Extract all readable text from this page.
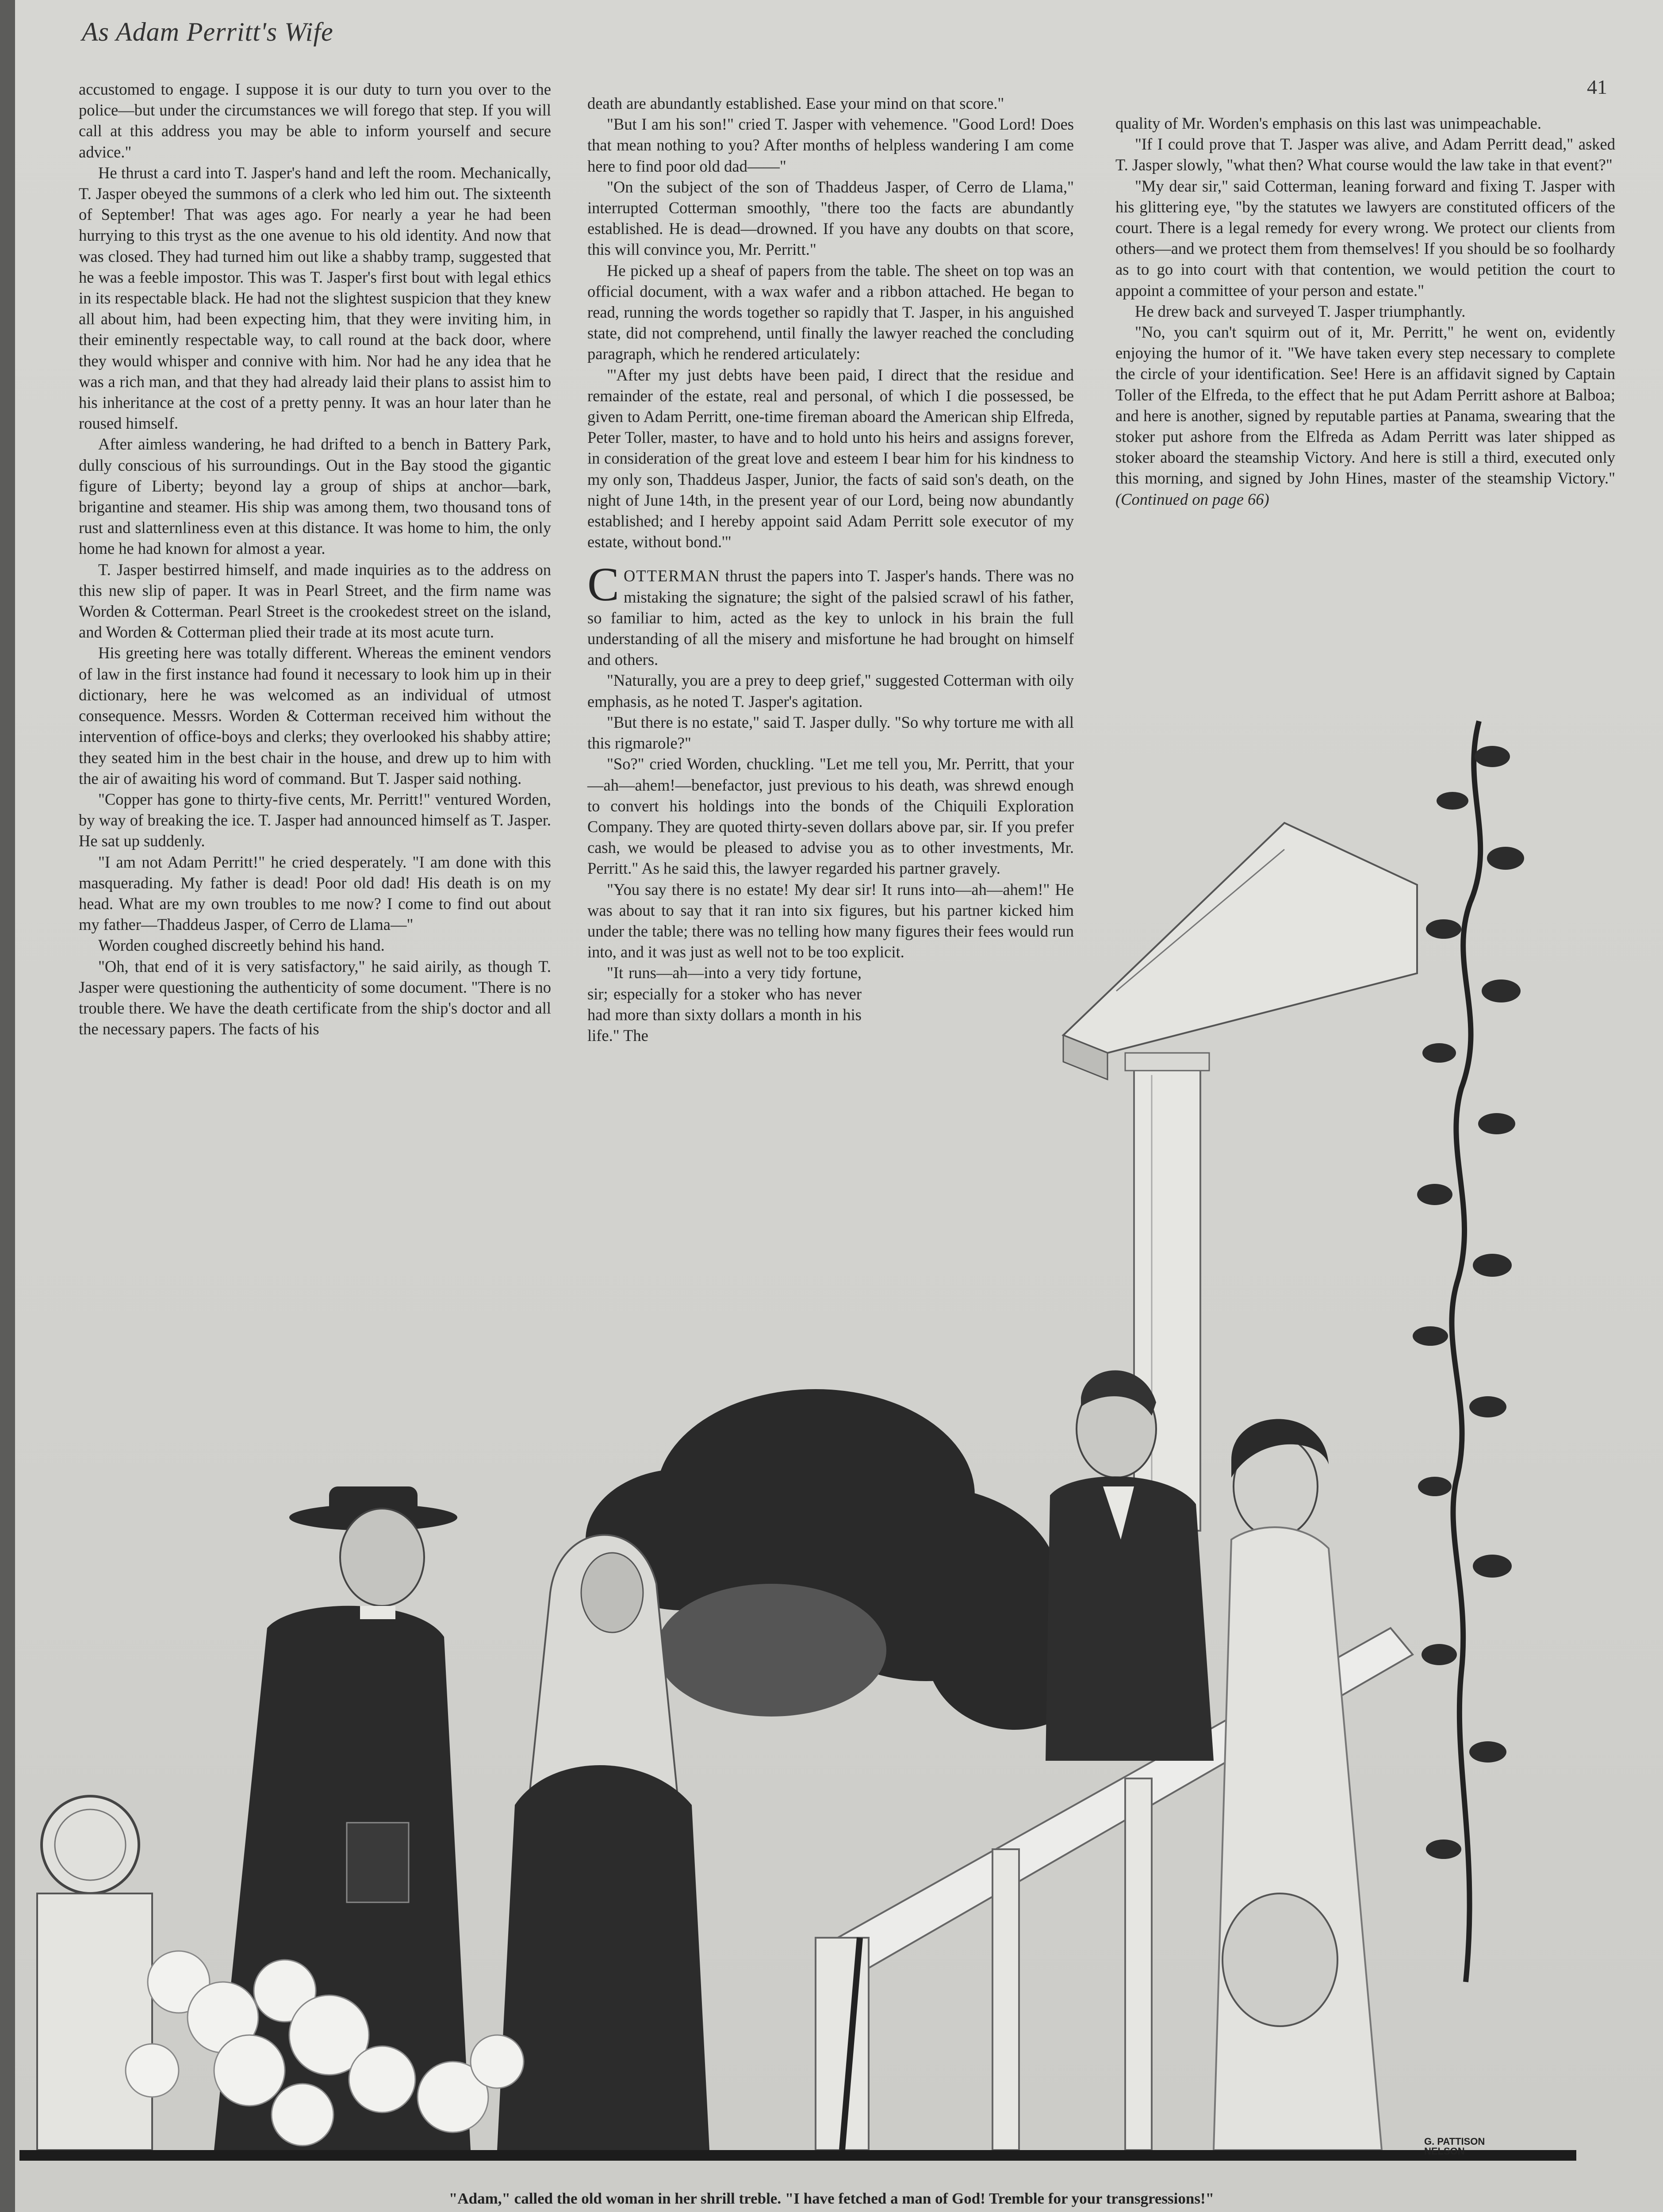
As Adam Perritt's Wife
41

accustomed to engage. I suppose it is our duty to turn you over to the police—but under the circumstances we will forego that step. If you will call at this address you may be able to inform yourself and secure advice."

He thrust a card into T. Jasper's hand and left the room. Mechanically, T. Jasper obeyed the summons of a clerk who led him out. The sixteenth of September! That was ages ago. For nearly a year he had been hurrying to this tryst as the one avenue to his old identity. And now that was closed. They had turned him out like a shabby tramp, suggested that he was a feeble impostor. This was T. Jasper's first bout with legal ethics in its respectable black. He had not the slightest suspicion that they knew all about him, had been expecting him, that they were inviting him, in their eminently respectable way, to call round at the back door, where they would whisper and connive with him. Nor had he any idea that he was a rich man, and that they had already laid their plans to assist him to his inheritance at the cost of a pretty penny. It was an hour later than he roused himself.

After aimless wandering, he had drifted to a bench in Battery Park, dully conscious of his surroundings. Out in the Bay stood the gigantic figure of Liberty; beyond lay a group of ships at anchor—bark, brigantine and steamer. His ship was among them, two thousand tons of rust and slatternliness even at this distance. It was home to him, the only home he had known for almost a year.

T. Jasper bestirred himself, and made inquiries as to the address on this new slip of paper. It was in Pearl Street, and the firm name was Worden & Cotterman. Pearl Street is the crookedest street on the island, and Worden & Cotterman plied their trade at its most acute turn.

His greeting here was totally different. Whereas the eminent vendors of law in the first instance had found it necessary to look him up in their dictionary, here he was welcomed as an individual of utmost consequence. Messrs. Worden & Cotterman received him without the intervention of office-boys and clerks; they overlooked his shabby attire; they seated him in the best chair in the house, and drew up to him with the air of awaiting his word of command. But T. Jasper said nothing.

"Copper has gone to thirty-five cents, Mr. Perritt!" ventured Worden, by way of breaking the ice. T. Jasper had announced himself as T. Jasper. He sat up suddenly.

"I am not Adam Perritt!" he cried desperately. "I am done with this masquerading. My father is dead! Poor old dad! His death is on my head. What are my own troubles to me now? I come to find out about my father—Thaddeus Jasper, of Cerro de Llama—"

Worden coughed discreetly behind his hand.

"Oh, that end of it is very satisfactory," he said airily, as though T. Jasper were questioning the authenticity of some document. "There is no trouble there. We have the death certificate from the ship's doctor and all the necessary papers. The facts of his

death are abundantly established. Ease your mind on that score."

"But I am his son!" cried T. Jasper with vehemence. "Good Lord! Does that mean nothing to you? After months of helpless wandering I am come here to find poor old dad——"

"On the subject of the son of Thaddeus Jasper, of Cerro de Llama," interrupted Cotterman smoothly, "there too the facts are abundantly established. He is dead—drowned. If you have any doubts on that score, this will convince you, Mr. Perritt."

He picked up a sheaf of papers from the table. The sheet on top was an official document, with a wax wafer and a ribbon attached. He began to read, running the words together so rapidly that T. Jasper, in his anguished state, did not comprehend, until finally the lawyer reached the concluding paragraph, which he rendered articulately:

"'After my just debts have been paid, I direct that the residue and remainder of the estate, real and personal, of which I die possessed, be given to Adam Perritt, one-time fireman aboard the American ship Elfreda, Peter Toller, master, to have and to hold unto his heirs and assigns forever, in consideration of the great love and esteem I bear him for his kindness to my only son, Thaddeus Jasper, Junior, the facts of said son's death, on the night of June 14th, in the present year of our Lord, being now abundantly established; and I hereby appoint said Adam Perritt sole executor of my estate, without bond.'"

COTTERMAN thrust the papers into T. Jasper's hands. There was no mistaking the signature; the sight of the palsied scrawl of his father, so familiar to him, acted as the key to unlock in his brain the full understanding of all the misery and misfortune he had brought on himself and others.

"Naturally, you are a prey to deep grief," suggested Cotterman with oily emphasis, as he noted T. Jasper's agitation.

"But there is no estate," said T. Jasper dully. "So why torture me with all this rigmarole?"

"So?" cried Worden, chuckling. "Let me tell you, Mr. Perritt, that your—ah—ahem!—benefactor, just previous to his death, was shrewd enough to convert his holdings into the bonds of the Chiquili Exploration Company. They are quoted thirty-seven dollars above par, sir. If you prefer cash, we would be pleased to advise you as to other investments, Mr. Perritt." As he said this, the lawyer regarded his partner gravely.

"You say there is no estate! My dear sir! It runs into—ah—ahem!" He was about to say that it ran into six figures, but his partner kicked him under the table; there was no telling how many figures their fees would run into, and it was just as well not to be too explicit.

"It runs—ah—into a very tidy fortune, sir; especially for a stoker who has never had more than sixty dollars a month in his life." The

quality of Mr. Worden's emphasis on this last was unimpeachable.

"If I could prove that T. Jasper was alive, and Adam Perritt dead," asked T. Jasper slowly, "what then? What course would the law take in that event?"

"My dear sir," said Cotterman, leaning forward and fixing T. Jasper with his glittering eye, "by the statutes we lawyers are constituted officers of the court. There is a legal remedy for every wrong. We protect our clients from others—and we protect them from themselves! If you should be so foolhardy as to go into court with that contention, we would petition the court to appoint a committee of your person and estate."

He drew back and surveyed T. Jasper triumphantly.

"No, you can't squirm out of it, Mr. Perritt," he went on, evidently enjoying the humor of it. "We have taken every step necessary to complete the circle of your identification. See! Here is an affidavit signed by Captain Toller of the Elfreda, to the effect that he put Adam Perritt ashore at Balboa; and here is another, signed by reputable parties at Panama, swearing that the stoker put ashore from the Elfreda as Adam Perritt was later shipped as stoker aboard the steamship Victory. And here is still a third, executed only this morning, and signed by John Hines, master of the steamship Victory." (Continued on page 66)

G. PATTISON
NELSON
"Adam," called the old woman in her shrill treble. "I have fetched a man of God! Tremble for your transgressions!"
